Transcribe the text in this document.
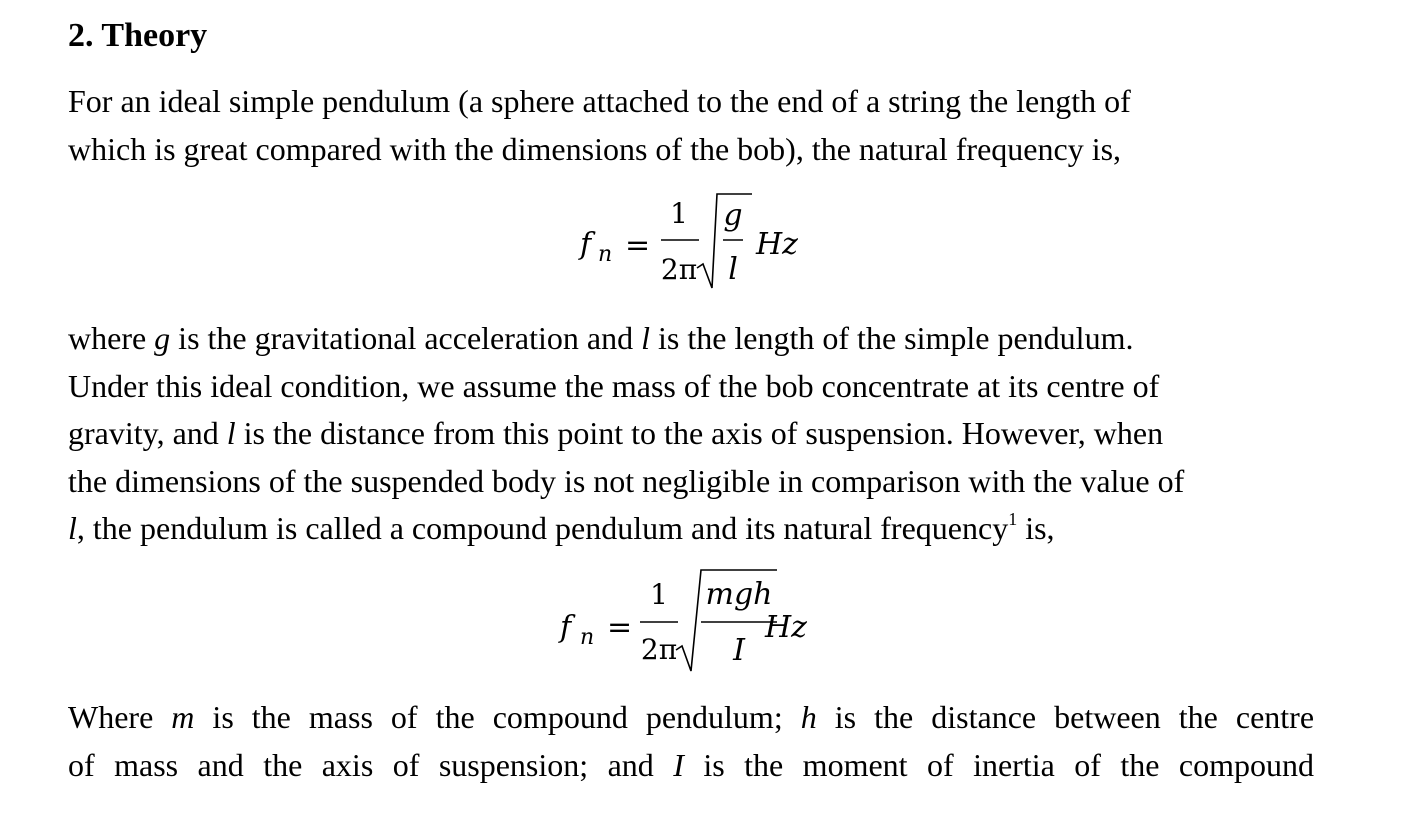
2. Theory

For an ideal simple pendulum (a sphere attached to the end of a string the length of
which is great compared with the dimensions of the bob), the natural frequency is,

f n =
1
2π
g
l
Hz

where g is the gravitational acceleration and l is the length of the simple pendulum.
Under this ideal condition, we assume the mass of the bob concentrate at its centre of
gravity, and l is the distance from this point to the axis of suspension. However, when
the dimensions of the suspended body is not negligible in comparison with the value of
l, the pendulum is called a compound pendulum and its natural frequency$^1$ is,

f n =
1
2π
mgh
I
Hz

Where m is the mass of the compound pendulum; h is the distance between the centre
of mass and the axis of suspension; and I is the moment of inertia of the compound
